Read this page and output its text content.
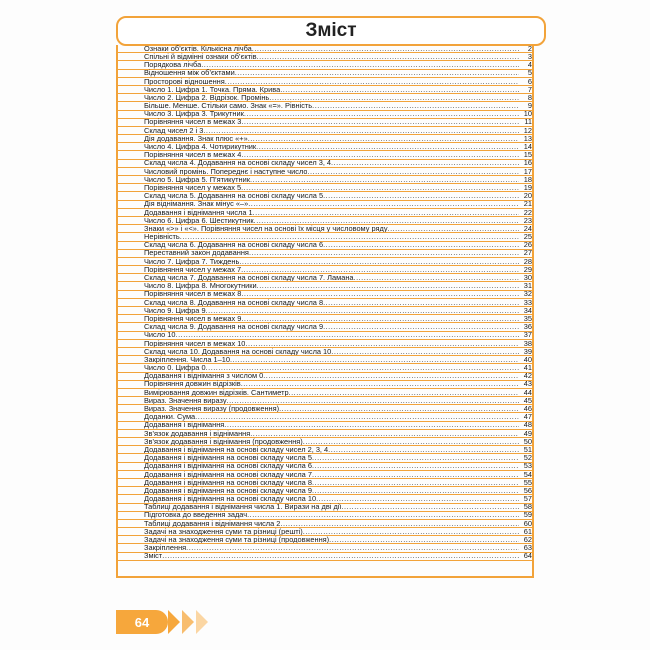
Зміст
Ознаки об’єктів. Кількісна лічба .....	2
Спільні й відмінні ознаки об’єктів .....	3
Порядкова лічба .....	4
Відношення між об’єктами .....	5
Просторові відношення .....	6
Число 1. Цифра 1. Точка. Пряма. Крива .....	7
Число 2. Цифра 2. Відрізок. Промінь .....	8
Більше. Менше. Стільки само. Знак «=». Рівність .....	9
Число 3. Цифра 3. Трикутник .....	10
Порівняння чисел в межах 3 .....	11
Склад чисел 2 і 3 .....	12
Дія додавання. Знак плюс «+» .....	13
Число 4. Цифра 4. Чотирикутник .....	14
Порівняння чисел в межах 4 .....	15
Склад числа 4. Додавання на основі складу чисел 3, 4 .....	16
Числовий промінь. Попереднє і наступне число .....	17
Число 5. Цифра 5. П’ятикутник .....	18
Порівняння чисел у межах 5 .....	19
Склад числа 5. Додавання на основі складу числа 5 .....	20
Дія віднімання. Знак мінус «–» .....	21
Додавання і віднімання числа 1 .....	22
Число 6. Цифра 6. Шестикутник .....	23
Знаки «>» і «<». Порівняння чисел на основі їх місця у числовому ряду .....	24
Нерівність .....	25
Склад числа 6. Додавання на основі складу числа 6 .....	26
Переставний закон додавання .....	27
Число 7. Цифра 7. Тиждень .....	28
Порівняння чисел у межах 7 .....	29
Склад числа 7. Додавання на основі складу числа 7. Ламана .....	30
Число 8. Цифра 8. Многокутники .....	31
Порівняння чисел в межах 8 .....	32
Склад числа 8. Додавання на основі складу числа 8 .....	33
Число 9. Цифра 9 .....	34
Порівняння чисел в межах 9 .....	35
Склад числа 9. Додавання на основі складу числа 9 .....	36
Число 10 .....	37
Порівняння чисел в межах 10 .....	38
Склад числа 10. Додавання на основі складу числа 10 .....	39
Закріплення. Числа 1–10 .....	40
Число 0. Цифра 0 .....	41
Додавання і віднімання з числом 0 .....	42
Порівняння довжин відрізків .....	43
Вимірювання довжин відрізків. Сантиметр .....	44
Вираз. Значення виразу .....	45
Вираз. Значення виразу (продовження) .....	46
Доданки. Сума .....	47
Додавання і віднімання .....	48
Зв’язок додавання і віднімання .....	49
Зв’язок додавання і віднімання (продовження) .....	50
Додавання і віднімання на основі складу чисел 2, 3, 4 .....	51
Додавання і віднімання на основі складу числа 5 .....	52
Додавання і віднімання на основі складу числа 6 .....	53
Додавання і віднімання на основі складу числа 7 .....	54
Додавання і віднімання на основі складу числа 8 .....	55
Додавання і віднімання на основі складу числа 9 .....	56
Додавання і віднімання на основі складу числа 10 .....	57
Таблиці додавання і віднімання числа 1. Вирази на дві дії .....	58
Підготовка до введення задач .....	59
Таблиці додавання і віднімання числа 2 .....	60
Задачі на знаходження суми та різниці (решті) .....	61
Задачі на знаходження суми та різниці (продовження) .....	62
Закріплення .....	63
Зміст .....	64
64
